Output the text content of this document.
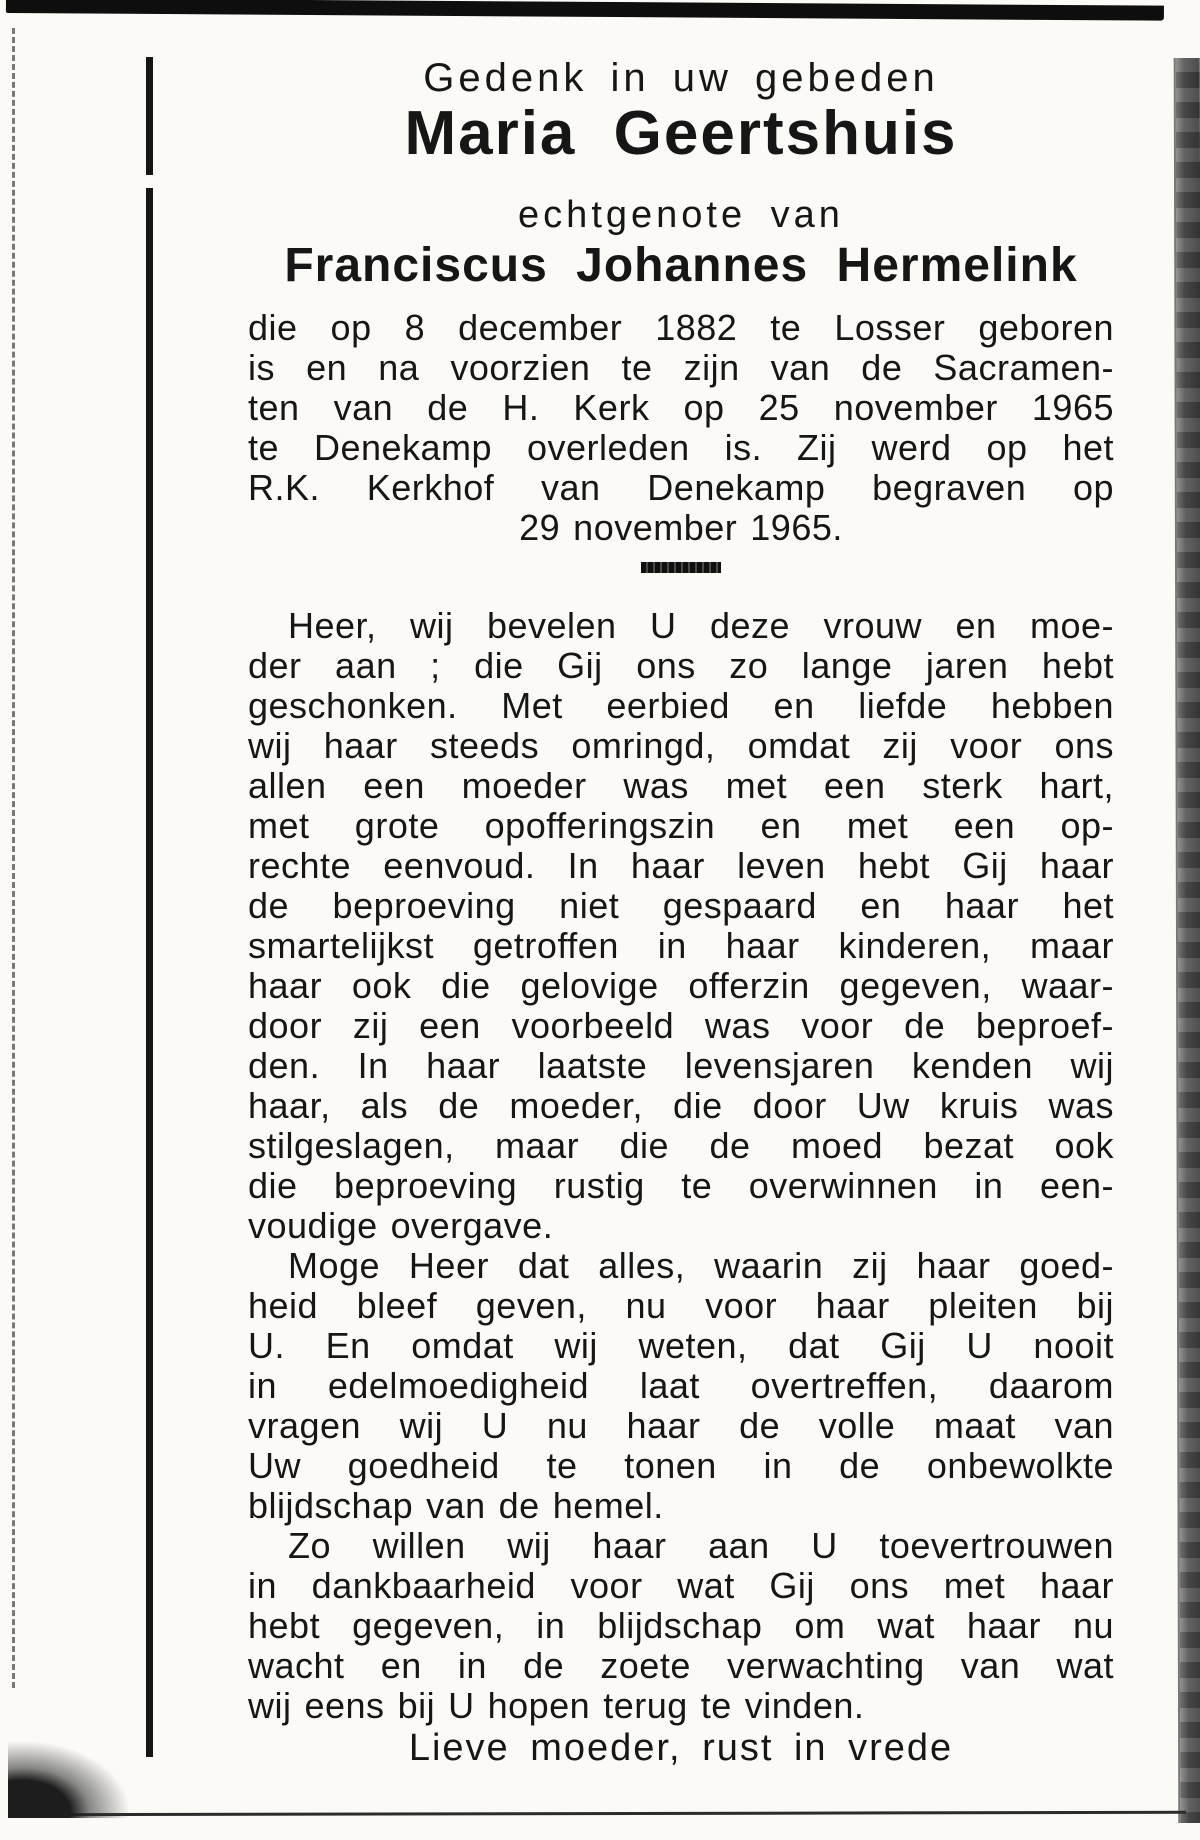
Gedenk in uw gebeden
Maria Geertshuis
echtgenote van
Franciscus Johannes Hermelink
die op 8 december 1882 te Losser geboren
is en na voorzien te zijn van de Sacramen-
ten van de H. Kerk op 25 november 1965
te Denekamp overleden is. Zij werd op het
R.K. Kerkhof van Denekamp begraven op
29 november 1965.
Heer, wij bevelen U deze vrouw en moe-
der aan ; die Gij ons zo lange jaren hebt
geschonken. Met eerbied en liefde hebben
wij haar steeds omringd, omdat zij voor ons
allen een moeder was met een sterk hart,
met grote opofferingszin en met een op-
rechte eenvoud. In haar leven hebt Gij haar
de beproeving niet gespaard en haar het
smartelijkst getroffen in haar kinderen, maar
haar ook die gelovige offerzin gegeven, waar-
door zij een voorbeeld was voor de beproef-
den. In haar laatste levensjaren kenden wij
haar, als de moeder, die door Uw kruis was
stilgeslagen, maar die de moed bezat ook
die beproeving rustig te overwinnen in een-
voudige overgave.
Moge Heer dat alles, waarin zij haar goed-
heid bleef geven, nu voor haar pleiten bij
U. En omdat wij weten, dat Gij U nooit
in edelmoedigheid laat overtreffen, daarom
vragen wij U nu haar de volle maat van
Uw goedheid te tonen in de onbewolkte
blijdschap van de hemel.
Zo willen wij haar aan U toevertrouwen
in dankbaarheid voor wat Gij ons met haar
hebt gegeven, in blijdschap om wat haar nu
wacht en in de zoete verwachting van wat
wij eens bij U hopen terug te vinden.
Lieve moeder, rust in vrede
